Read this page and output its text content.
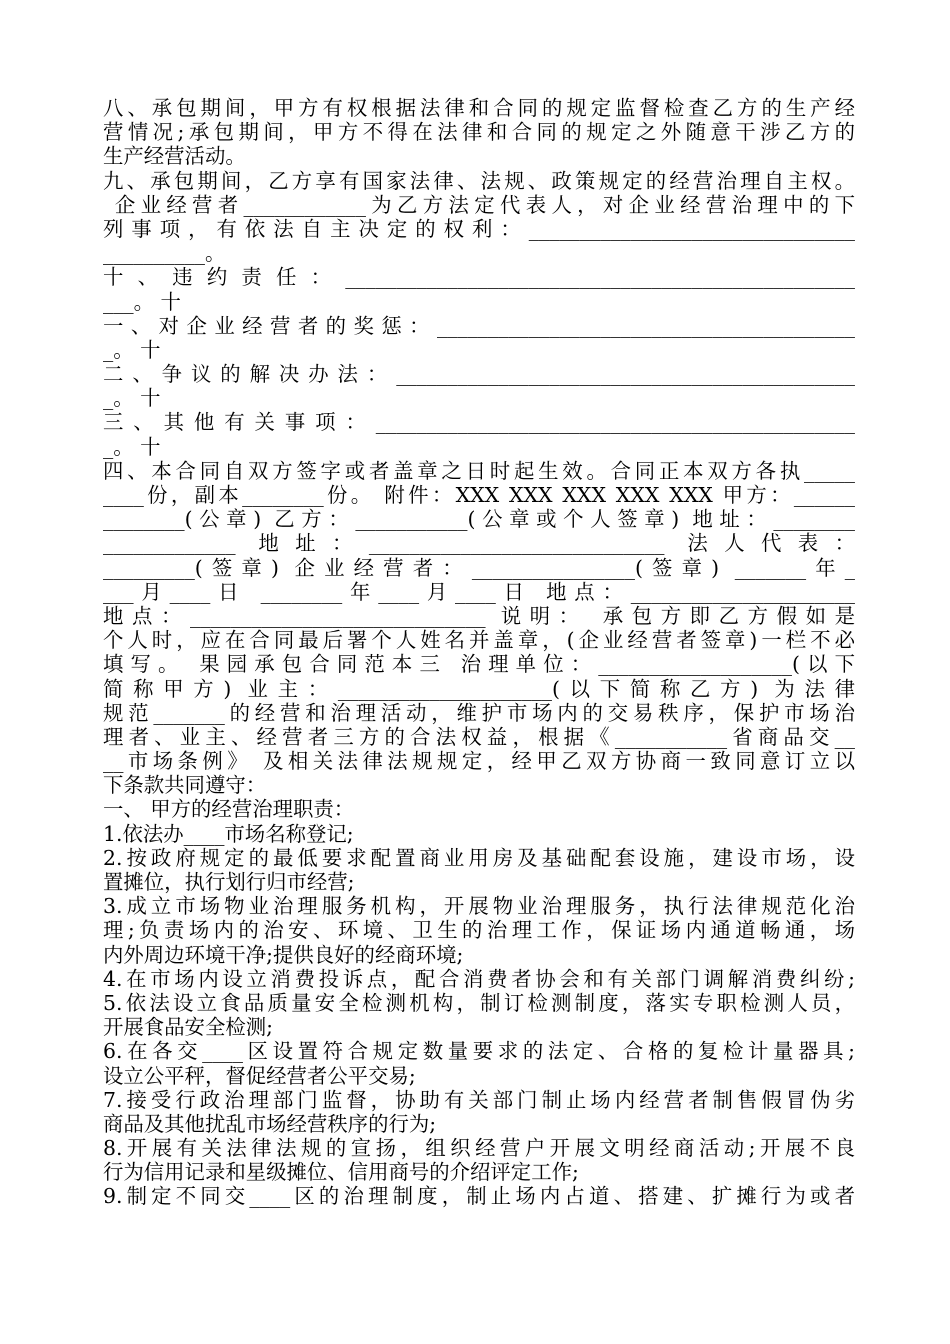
八、承包期间，甲方有权根据法律和合同的规定监督检查乙方的生产经
营情况;承包期间，甲方不得在法律和合同的规定之外随意干涉乙方的
生产经营活动。
九、承包期间，乙方享有国家法律、法规、政策规定的经营治理自主权。
企业经营者____________为乙方法定代表人，对企业经营治理中的下
列事项，有依法自主决定的权利：________________________________
__________。
十、违约责任：__________________________________________________
___。 十
一、对企业经营者的奖惩：_________________________________________
_。 十
二、争议的解决办法：_____________________________________________
_。 十
三、其他有关事项：_______________________________________________
_。 十
四、本合同自双方签字或者盖章之日时起生效。合同正本双方各执_____
____份，副本________份。 附件：XXX XXX XXX XXX XXX 甲方：______
________(公章) 乙方：___________(公章或个人签章) 地址：________
_____________ 地址：_____________________________ 法人代表：
_________(签章) 企业经营者：________________(签章) _______年_
___月____日 ________年____月____日 地点：______________________
地点：_____________________________ 说明： 承包方即乙方假如是
个人时，应在合同最后署个人姓名并盖章，(企业经营者签章)一栏不必
填写。 果园承包合同范本三 治理单位：___________________(以下
简称甲方) 业主：_____________________(以下简称乙方) 为法律
规范_______的经营和治理活动，维护市场内的交易秩序，保护市场治
理者、业主、经营者三方的合法权益，根据《___________省商品交__
__市场条例》 及相关法律法规规定，经甲乙双方协商一致同意订立以
下条款共同遵守：
一、 甲方的经营治理职责：
1.依法办____市场名称登记;
2.按政府规定的最低要求配置商业用房及基础配套设施，建设市场，设
置摊位，执行划行归市经营;
3.成立市场物业治理服务机构，开展物业治理服务，执行法律规范化治
理;负责场内的治安、环境、卫生的治理工作，保证场内通道畅通，场
内外周边环境干净;提供良好的经商环境;
4.在市场内设立消费投诉点，配合消费者协会和有关部门调解消费纠纷;
5.依法设立食品质量安全检测机构，制订检测制度，落实专职检测人员，
开展食品安全检测;
6.在各交____区设置符合规定数量要求的法定、合格的复检计量器具;
设立公平秤，督促经营者公平交易;
7.接受行政治理部门监督，协助有关部门制止场内经营者制售假冒伪劣
商品及其他扰乱市场经营秩序的行为;
8.开展有关法律法规的宣扬，组织经营户开展文明经商活动;开展不良
行为信用记录和星级摊位、信用商号的介绍评定工作;
9.制定不同交____区的治理制度，制止场内占道、搭建、扩摊行为或者
